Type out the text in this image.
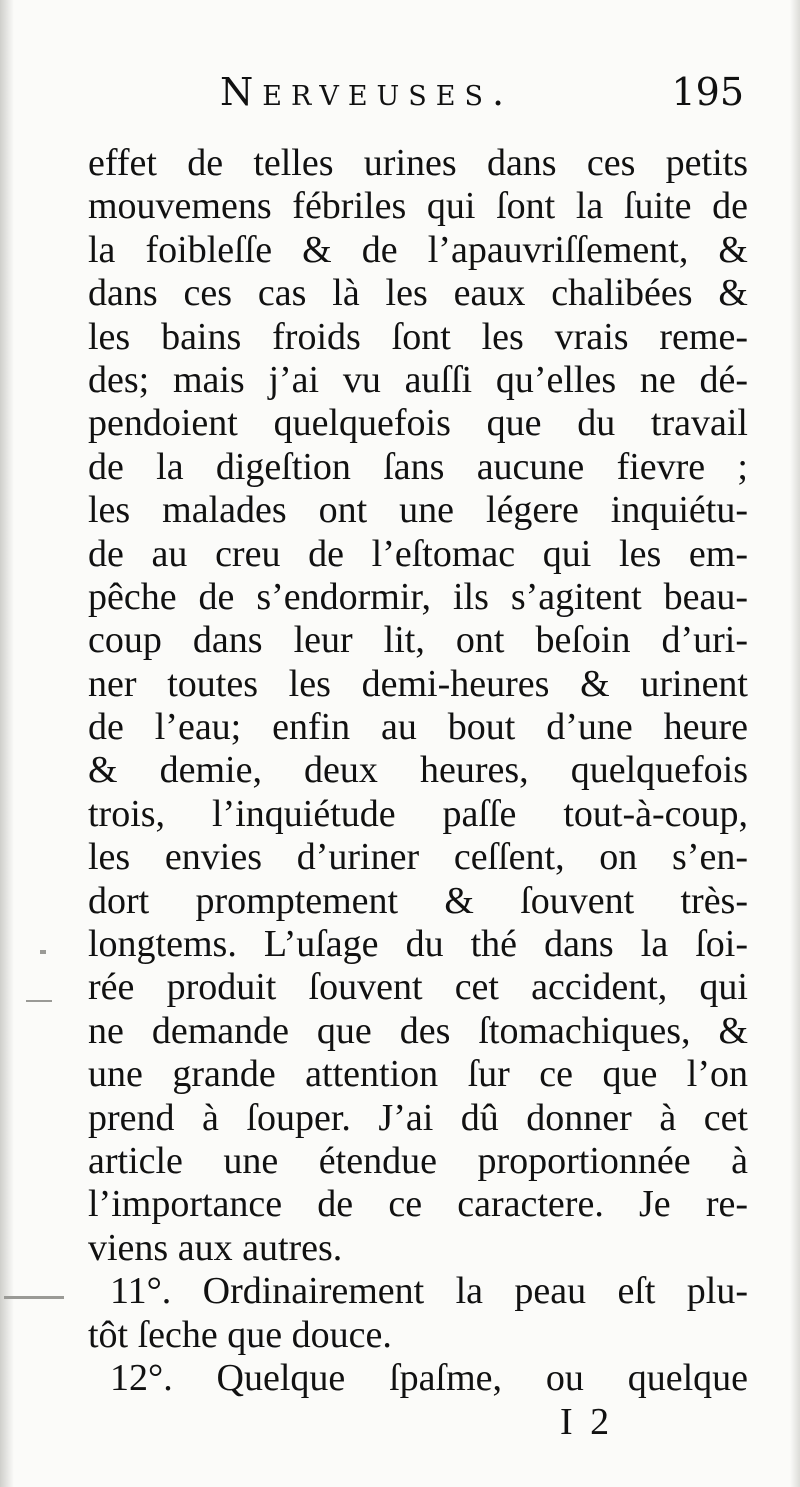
Nerveuses.	195
effet de telles urines dans ces petits
mouvemens fébriles qui ſont la ſuite de
la foibleſſe & de l’apauvriſſement, &
dans ces cas là les eaux chalibées &
les bains froids ſont les vrais reme-
des; mais j’ai vu auſſi qu’elles ne dé-
pendoient quelquefois que du travail
de la digeſtion ſans aucune fievre ;
les malades ont une légere inquiétu-
de au creu de l’eſtomac qui les em-
pêche de s’endormir, ils s’agitent beau-
coup dans leur lit, ont beſoin d’uri-
ner toutes les demi-heures & urinent
de l’eau; enfin au bout d’une heure
& demie, deux heures, quelquefois
trois, l’inquiétude paſſe tout-à-coup,
les envies d’uriner ceſſent, on s’en-
dort promptement & ſouvent très-
longtems. L’uſage du thé dans la ſoi-
rée produit ſouvent cet accident, qui
ne demande que des ſtomachiques, &
une grande attention ſur ce que l’on
prend à ſouper. J’ai dû donner à cet
article une étendue proportionnée à
l’importance de ce caractere. Je re-
viens aux autres.
11°. Ordinairement la peau eſt plu-
tôt ſeche que douce.
12°. Quelque ſpaſme, ou quelque
I 2
